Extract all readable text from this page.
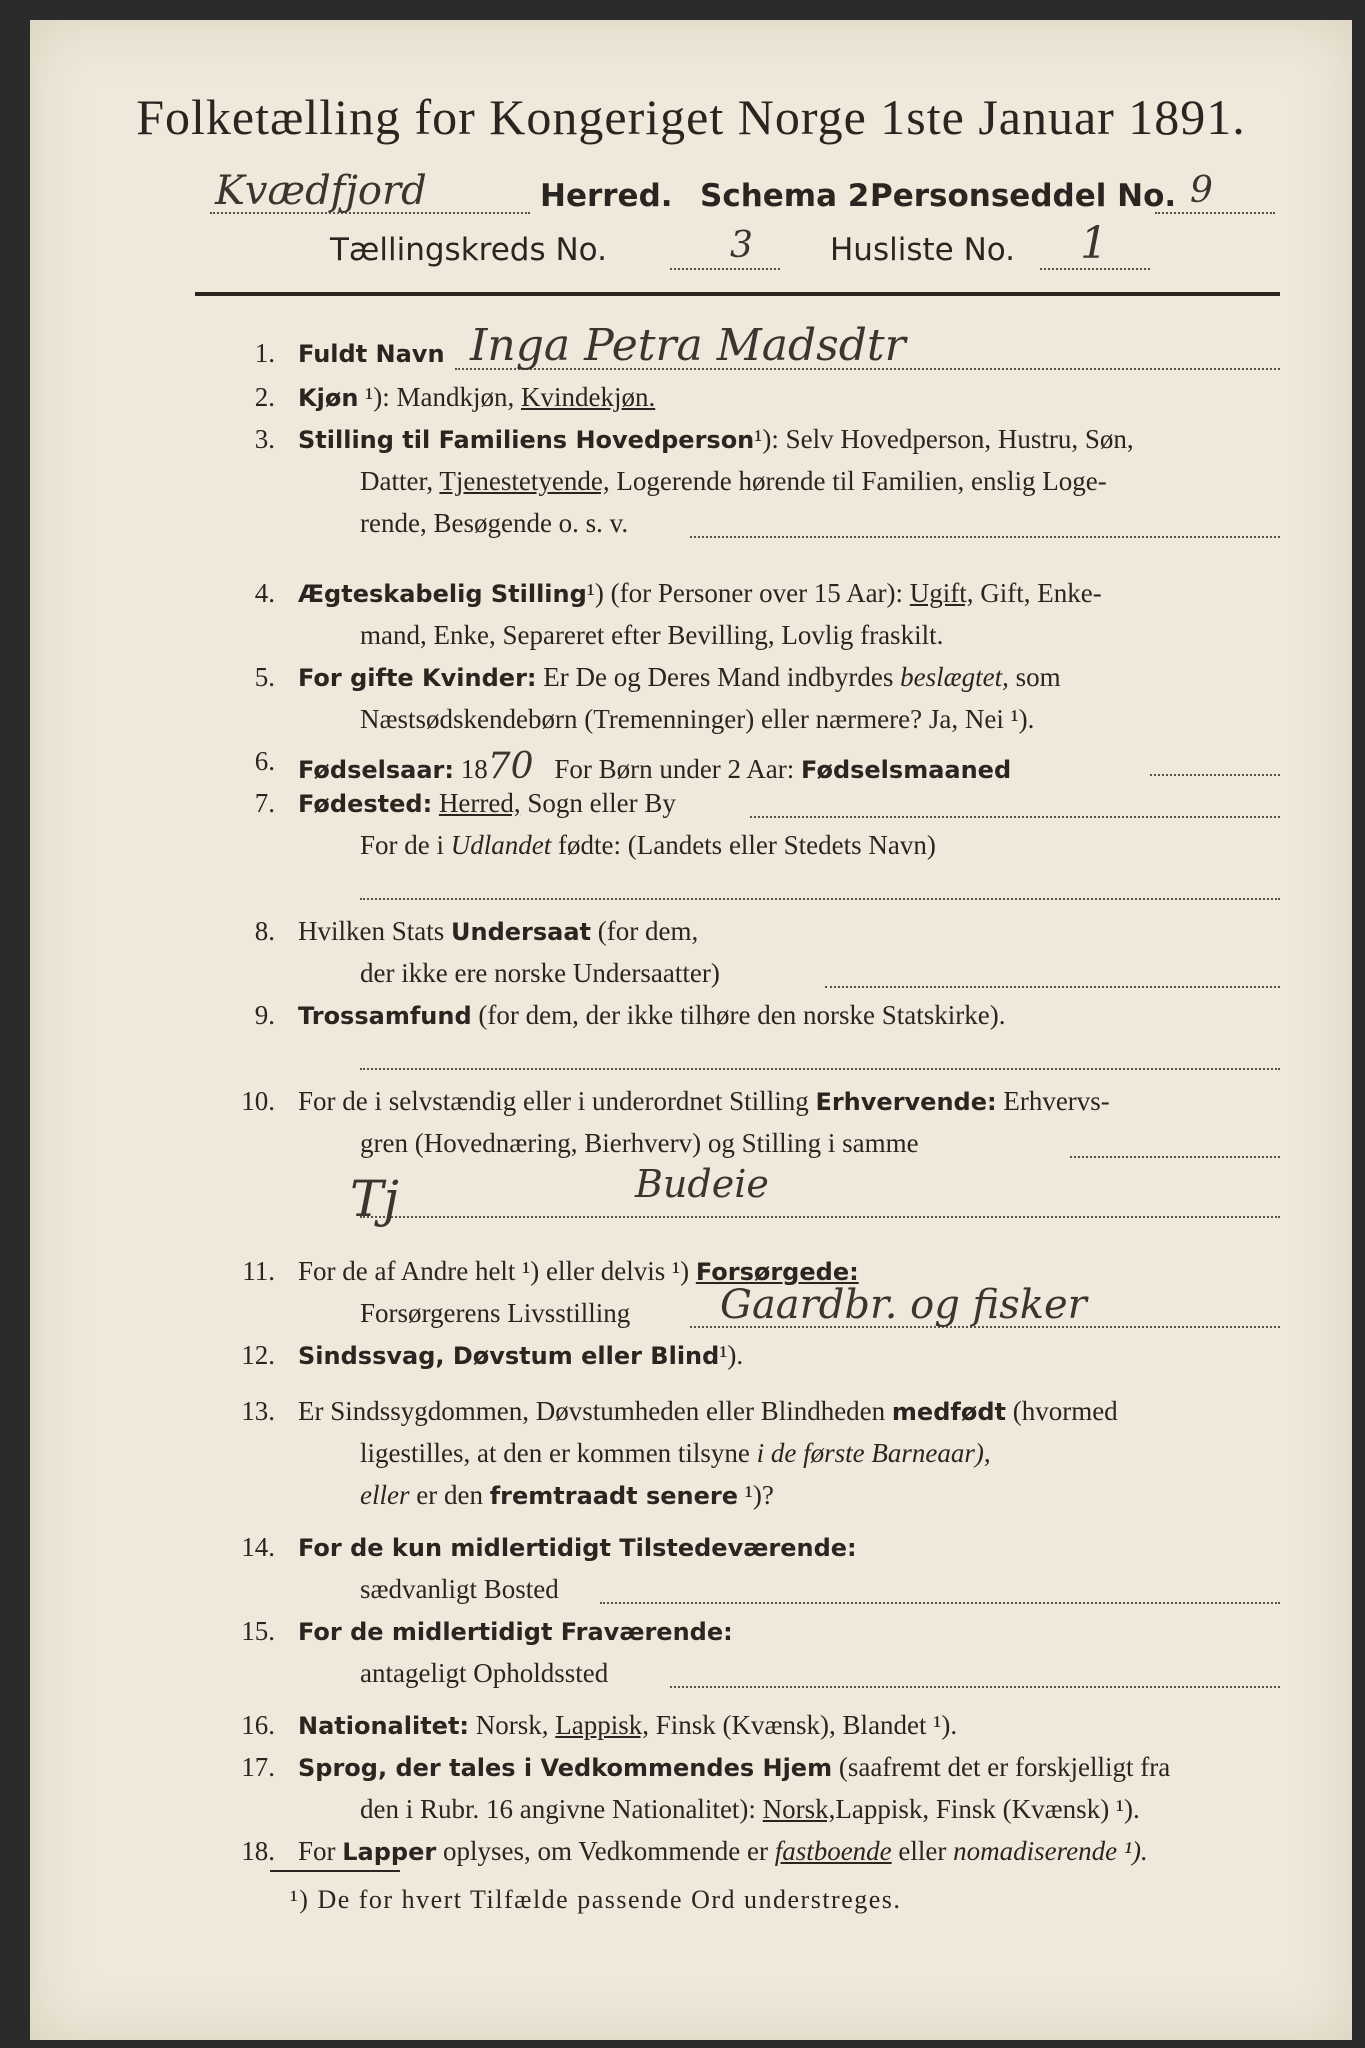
Folketælling for Kongeriget Norge 1ste Januar 1891.
Kvædfjord	Herred. Schema 2.
Personseddel No. 9
Tællingskreds No.	3 Husliste No. 1
1. Fuldt Navn Inga Petra Madsdtr
2. Kjøn ¹): Mandkjøn, Kvindekjøn.
3. Stilling til Familiens Hovedperson¹): Selv Hovedperson, Hustru, Søn,
Datter, Tjenestetyende, Logerende hørende til Familien, enslig Loge-
rende, Besøgende o. s. v.
4. Ægteskabelig Stilling¹) (for Personer over 15 Aar): Ugift, Gift, Enke-
mand, Enke, Separeret efter Bevilling, Lovlig fraskilt.
5. For gifte Kvinder: Er De og Deres Mand indbyrdes beslægtet, som
Næstsødskendebørn (Tremenninger) eller nærmere? Ja, Nei ¹).
6. Fødselsaar: 1870 For Børn under 2 Aar: Fødselsmaaned
7. Fødested: Herred, Sogn eller By
For de i Udlandet fødte: (Landets eller Stedets Navn)
8. Hvilken Stats Undersaat (for dem,
der ikke ere norske Undersaatter)
9. Trossamfund (for dem, der ikke tilhøre den norske Statskirke).
10. For de i selvstændig eller i underordnet Stilling Erhvervende: Erhvervs-
gren (Hovednæring, Bierhverv) og Stilling i samme
Budeie
Tj
11. For de af Andre helt ¹) eller delvis ¹) Forsørgede:
Forsørgerens Livsstilling Gaardbr. og fisker
12. Sindssvag, Døvstum eller Blind¹).
13. Er Sindssygdommen, Døvstumheden eller Blindheden medfødt (hvormed
ligestilles, at den er kommen tilsyne i de første Barneaar),
eller er den fremtraadt senere ¹)?
14. For de kun midlertidigt Tilstedeværende:
sædvanligt Bosted
15. For de midlertidigt Fraværende:
antageligt Opholdssted
16. Nationalitet: Norsk, Lappisk, Finsk (Kvænsk), Blandet ¹).
17. Sprog, der tales i Vedkommendes Hjem (saafremt det er forskjelligt fra
den i Rubr. 16 angivne Nationalitet): Norsk,Lappisk, Finsk (Kvænsk) ¹).
18. For Lapper oplyses, om Vedkommende er fastboende eller nomadiserende ¹).
¹) De for hvert Tilfælde passende Ord understreges.
